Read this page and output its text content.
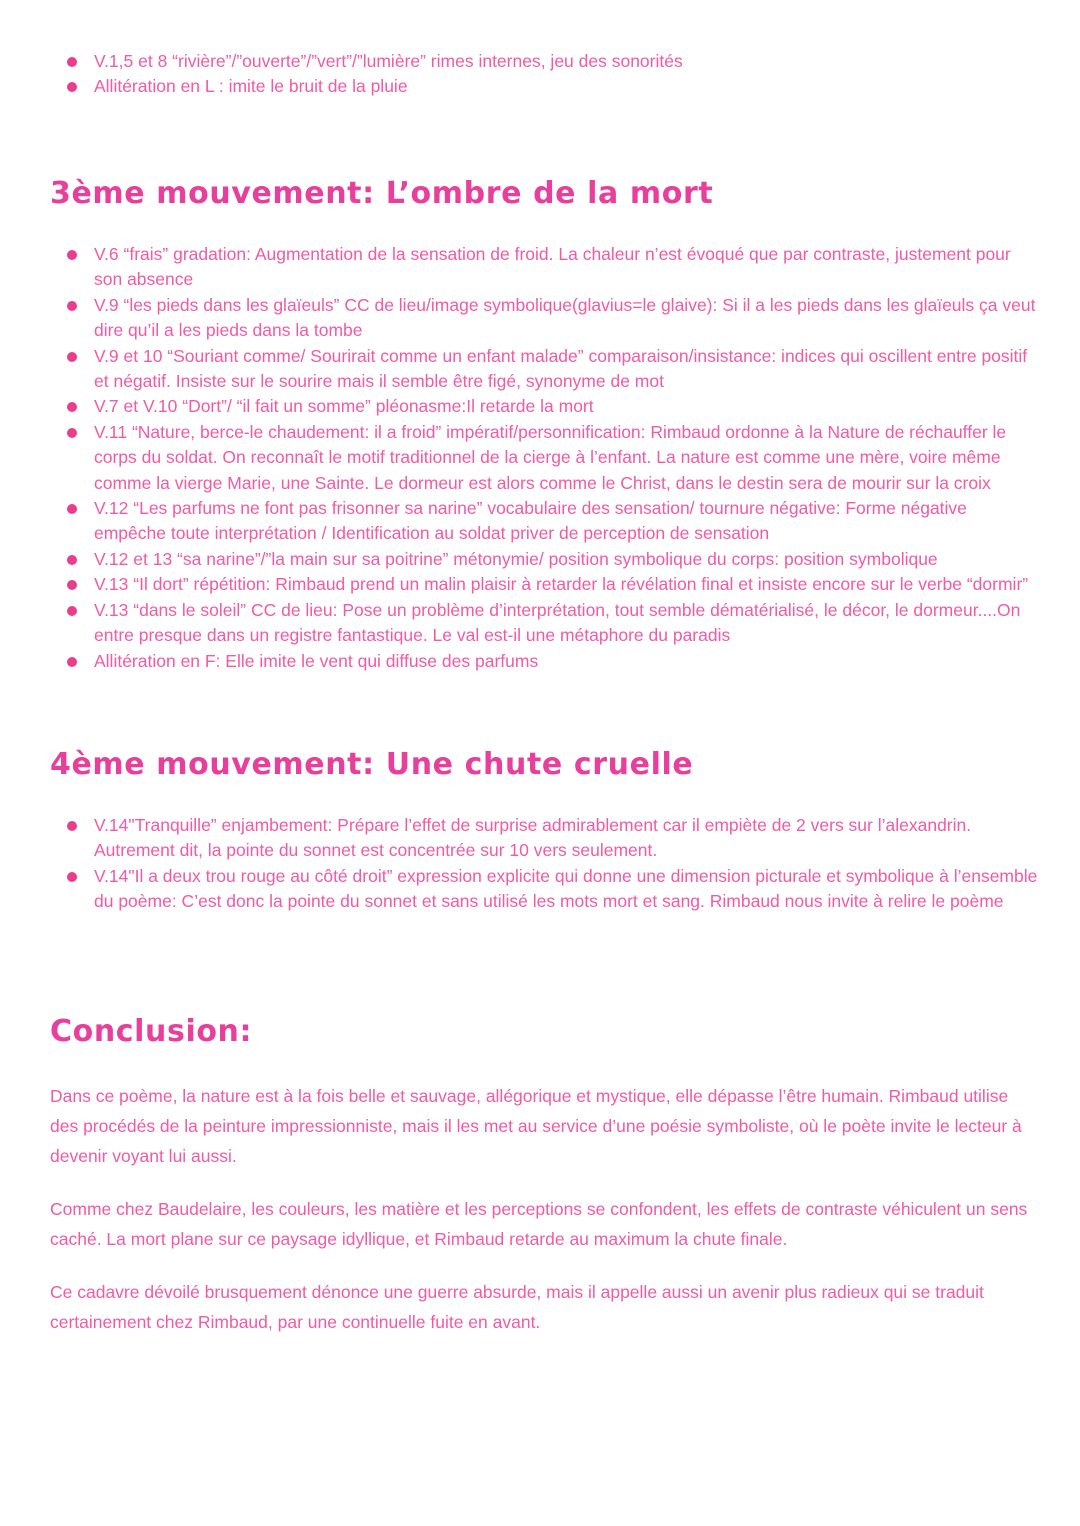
V.1,5 et 8 “rivière”/”ouverte”/”vert”/”lumière” rimes internes, jeu des sonorités
Allitération en L : imite le bruit de la pluie
3ème mouvement: L’ombre de la mort
V.6 “frais” gradation: Augmentation de la sensation de froid. La chaleur n’est évoqué que par contraste, justement pour son absence
V.9 “les pieds dans les glaïeuls” CC de lieu/image symbolique(glavius=le glaive): Si il a les pieds dans les glaïeuls ça veut dire qu’il a les pieds dans la tombe
V.9 et 10 “Souriant comme/ Sourirait comme un enfant malade” comparaison/insistance: indices qui oscillent entre positif et négatif. Insiste sur le sourire mais il semble être figé, synonyme de mot
V.7 et V.10 “Dort”/ “il fait un somme” pléonasme:Il retarde la mort
V.11 “Nature, berce-le chaudement: il a froid” impératif/personnification: Rimbaud ordonne à la Nature de réchauffer le corps du soldat. On reconnaît le motif traditionnel de la cierge à l’enfant. La nature est comme une mère, voire même comme la vierge Marie, une Sainte. Le dormeur est alors comme le Christ, dans le destin sera de mourir sur la croix
V.12 “Les parfums ne font pas frisonner sa narine” vocabulaire des sensation/ tournure négative: Forme négative empêche toute interprétation / Identification au soldat priver de perception de sensation
V.12 et 13 “sa narine”/”la main sur sa poitrine” métonymie/ position symbolique du corps: position symbolique
V.13 “Il dort” répétition: Rimbaud prend un malin plaisir à retarder la révélation final et insiste encore sur le verbe “dormir”
V.13 “dans le soleil” CC de lieu: Pose un problème d’interprétation, tout semble dématérialisé, le décor, le dormeur....On entre presque dans un registre fantastique. Le val est-il une métaphore du paradis
Allitération en F: Elle imite le vent qui diffuse des parfums
4ème mouvement: Une chute cruelle
V.14"Tranquille” enjambement: Prépare l’effet de surprise admirablement car il empiète de 2 vers sur l’alexandrin. Autrement dit, la pointe du sonnet est concentrée sur 10 vers seulement.
V.14"Il a deux trou rouge au côté droit” expression explicite qui donne une dimension picturale et symbolique à l’ensemble du poème: C’est donc la pointe du sonnet et sans utilisé les mots mort et sang. Rimbaud nous invite à relire le poème
Conclusion:

Dans ce poème, la nature est à la fois belle et sauvage, allégorique et mystique, elle dépasse l’être humain. Rimbaud utilise des procédés de la peinture impressionniste, mais il les met au service d’une poésie symboliste, où le poète invite le lecteur à devenir voyant lui aussi.

Comme chez Baudelaire, les couleurs, les matière et les perceptions se confondent, les effets de contraste véhiculent un sens caché. La mort plane sur ce paysage idyllique, et Rimbaud retarde au maximum la chute finale.

Ce cadavre dévoilé brusquement dénonce une guerre absurde, mais il appelle aussi un avenir plus radieux qui se traduit certainement chez Rimbaud, par une continuelle fuite en avant.
